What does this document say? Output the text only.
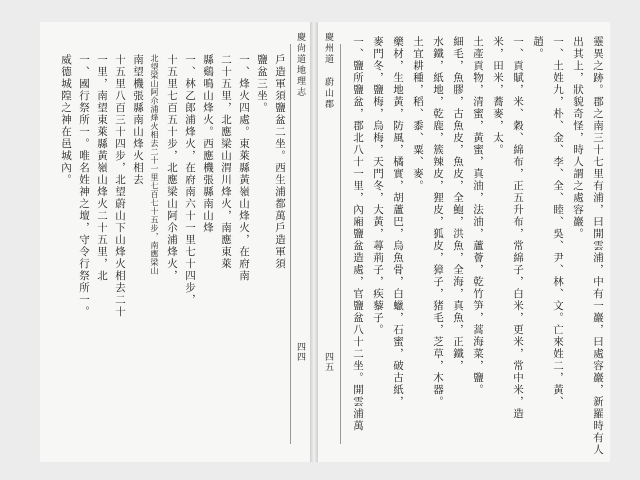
慶尙道地理志
四四
戶造軍須鹽盆二坐。西生浦都萬戶造軍須
鹽盆三坐。
一、烽火四處。東萊縣黃嶺山烽火，在府南
二十五里，北應梁山渭川烽火，南應東萊
縣鷄鳴山烽火。西應機張縣南山烽
一、林乙郎浦烽火，在府南六十一里七十四步，
十五里七百五十步，北應梁山阿尒浦烽火，
北望梁山阿尒浦烽火相去二十一里七百七十五步，南應梁山
南望機張縣南山烽火相去
十五里八百三十四步，北望蔚山下山烽火相去二十
一里，南望東萊縣黃嶺山烽火二十五里，北
一、國行祭所一。唯名姓神之壇，守令行祭所一。
威德城隍之神在邑城內。	慶州道 蔚山郡
四五	靈異之跡。郡之南三十七里有浦，曰開雲浦，中有一巖，曰處容巖，新羅時有人
出其上，狀貌奇怪，時人謂之處容巖。
一、土姓九，朴、金、李、全、睦、吳、尹、林、文。亡來姓二，黃、
趙。
一、貢賦，米、穀、綿布，正五升布，常綿子，白米，更米，常中米，造
米，田米，蕎麥，太。
土產貢物，清蜜，黃蜜，真油，法油，蘆薈，乾竹笋，蒿海菜，鹽。
細毛，魚膠，古魚皮，魚皮，全鮑，洪魚，全海，真魚，正鐵，
水鐵，紙地，乾鹿，簇辣皮，狸皮，狐皮，獐子，猪毛，芝草，木器。
土宜耕種，稻、黍、粟、麥。
藥材，生地黃，防風，橘實，胡蘆巴，烏魚骨，白蠟，石蜜，破古紙，
麥門冬，鹽梅，烏梅，天門冬，大黃，蕁荊子，疾藜子。
一、鹽所鹽盆，郡北八十一里，內廂鹽盆造處，官鹽盆八十二坐。開雲浦萬
